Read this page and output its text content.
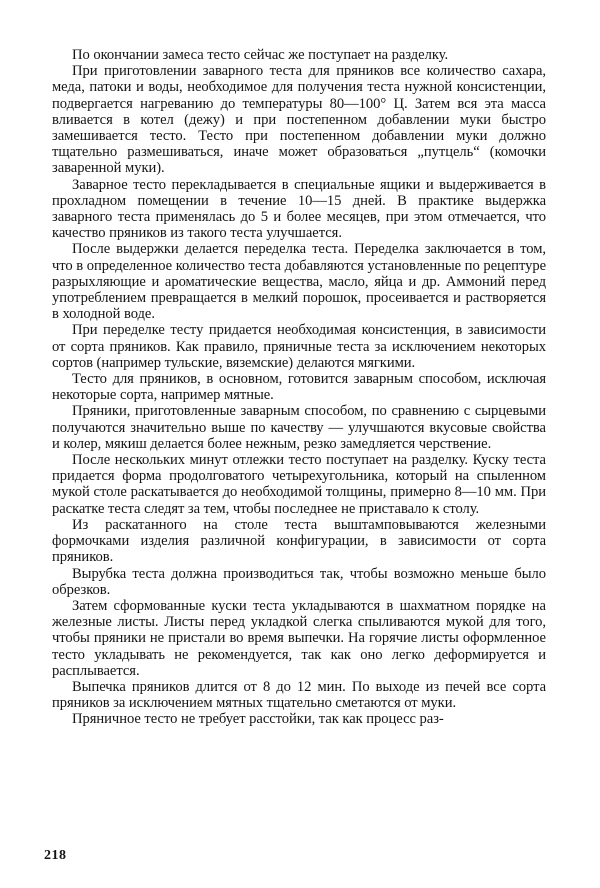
По окончании замеса тесто сейчас же поступает на разделку.

При приготовлении заварного теста для пряников все количество сахара, меда, патоки и воды, необходимое для получения теста нужной консистенции, подвергается нагреванию до температуры 80—100° Ц. Затем вся эта масса вливается в котел (дежу) и при постепенном добавлении муки быстро замешивается тесто. Тесто при постепенном добавлении муки должно тщательно размешиваться, иначе может образоваться „путцель“ (комочки заваренной муки).

Заварное тесто перекладывается в специальные ящики и выдерживается в прохладном помещении в течение 10—15 дней. В практике выдержка заварного теста применялась до 5 и более месяцев, при этом отмечается, что качество пряников из такого теста улучшается.

После выдержки делается переделка теста. Переделка заключается в том, что в определенное количество теста добавляются установленные по рецептуре разрыхляющие и ароматические вещества, масло, яйца и др. Аммоний перед употреблением превращается в мелкий порошок, просеивается и растворяется в холодной воде.

При переделке тесту придается необходимая консистенция, в зависимости от сорта пряников. Как правило, пряничные теста за исключением некоторых сортов (например тульские, вяземские) делаются мягкими.

Тесто для пряников, в основном, готовится заварным способом, исключая некоторые сорта, например мятные.

Пряники, приготовленные заварным способом, по сравнению с сырцевыми получаются значительно выше по качеству — улучшаются вкусовые свойства и колер, мякиш делается более нежным, резко замедляется черствение.

После нескольких минут отлежки тесто поступает на разделку. Куску теста придается форма продолговатого четырехугольника, который на спыленном мукой столе раскатывается до необходимой толщины, примерно 8—10 мм. При раскатке теста следят за тем, чтобы последнее не приставало к столу.

Из раскатанного на столе теста выштамповываются железными формочками изделия различной конфигурации, в зависимости от сорта пряников.

Вырубка теста должна производиться так, чтобы возможно меньше было обрезков.

Затем сформованные куски теста укладываются в шахматном порядке на железные листы. Листы перед укладкой слегка спыливаются мукой для того, чтобы пряники не пристали во время выпечки. На горячие листы оформленное тесто укладывать не рекомендуется, так как оно легко деформируется и расплывается.

Выпечка пряников длится от 8 до 12 мин. По выходе из печей все сорта пряников за исключением мятных тщательно сметаются от муки.

Пряничное тесто не требует расстойки, так как процесс раз-

218
